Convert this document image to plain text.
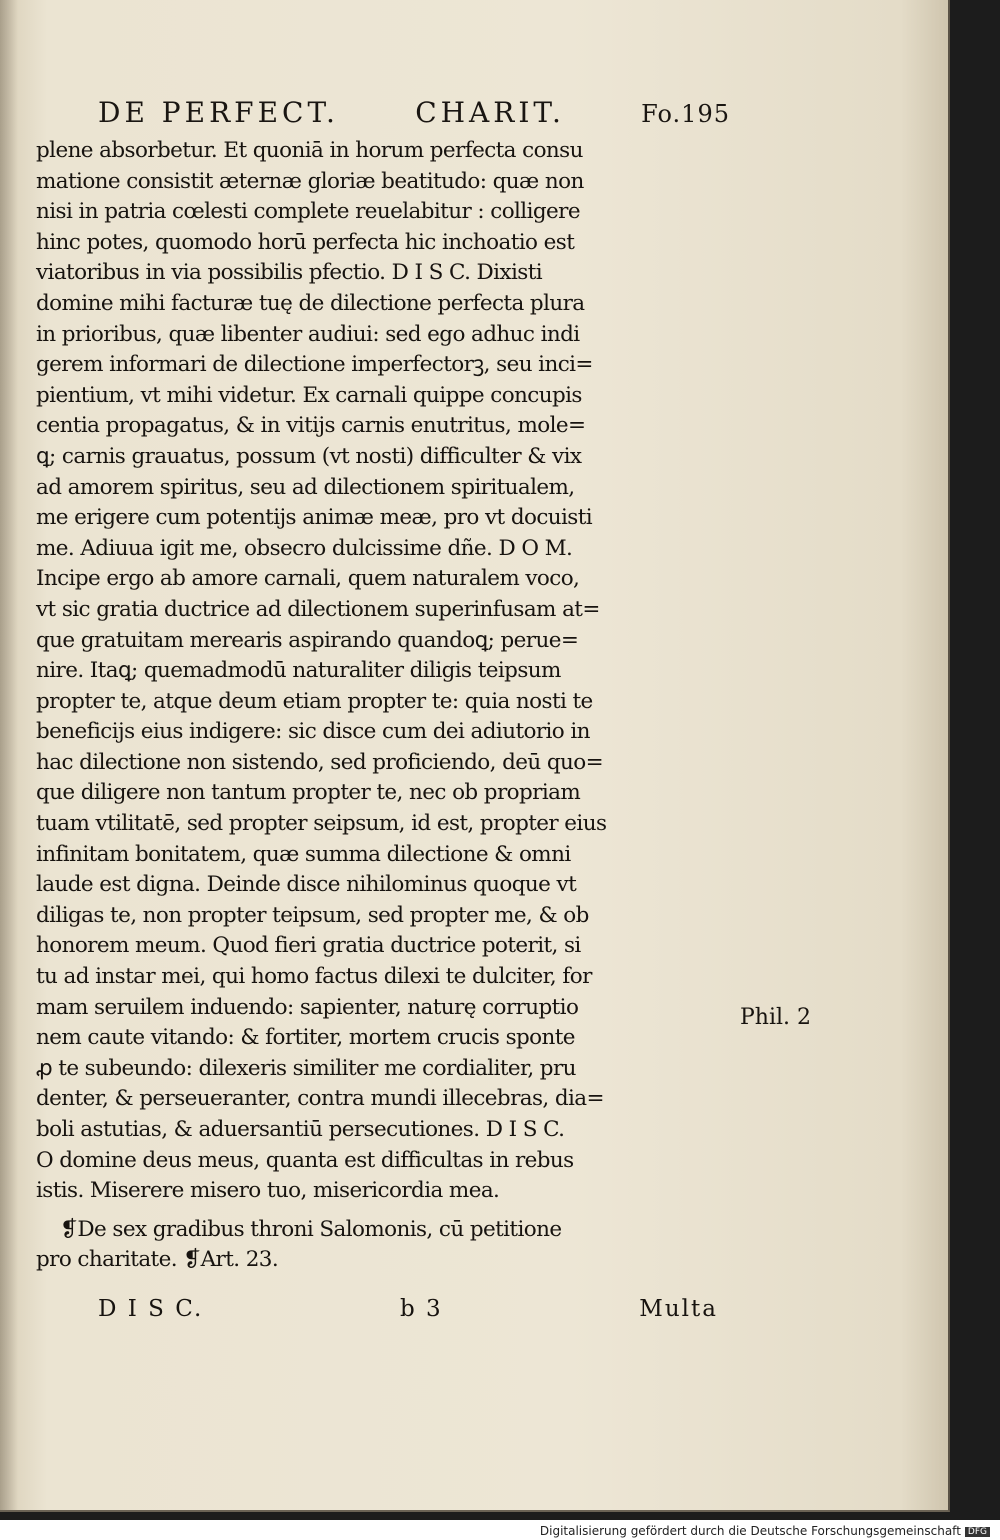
DE PERFECT.	CHARIT.	Fo.195
plene absorbetur. Et quoniā in horum perfecta consu
matione consistit æternæ gloriæ beatitudo: quæ non
nisi in patria cœlesti complete reuelabitur : colligere
hinc potes, quomodo horū perfecta hic inchoatio est
viatoribus in via possibilis pfectio. D I S C. Dixisti
domine mihi facturæ tuę de dilectione perfecta plura
in prioribus, quæ libenter audiui: sed ego adhuc indi
gerem informari de dilectione imperfectorꝫ, seu inci=
pientium, vt mihi videtur. Ex carnali quippe concupis
centia propagatus, & in vitijs carnis enutritus, mole=
ꝗ; carnis grauatus, possum (vt nosti) difficulter & vix
ad amorem spiritus, seu ad dilectionem spiritualem,
me erigere cum potentijs animæ meæ, pro vt docuisti
me. Adiuua igit me, obsecro dulcissime dñe. D O M.
Incipe ergo ab amore carnali, quem naturalem voco,
vt sic gratia ductrice ad dilectionem superinfusam at=
que gratuitam merearis aspirando quandoꝗ; perue=
nire. Itaꝗ; quemadmodū naturaliter diligis teipsum
propter te, atque deum etiam propter te: quia nosti te
beneficijs eius indigere: sic disce cum dei adiutorio in
hac dilectione non sistendo, sed proficiendo, deū quo=
que diligere non tantum propter te, nec ob propriam
tuam vtilitatē, sed propter seipsum, id est, propter eius
infinitam bonitatem, quæ summa dilectione & omni
laude est digna. Deinde disce nihilominus quoque vt
diligas te, non propter teipsum, sed propter me, & ob
honorem meum. Quod fieri gratia ductrice poterit, si
tu ad instar mei, qui homo factus dilexi te dulciter, for
mam seruilem induendo: sapienter, naturę corruptio
nem caute vitando: & fortiter, mortem crucis sponte
ꝓ te subeundo: dilexeris similiter me cordialiter, pru
denter, & perseueranter, contra mundi illecebras, dia=
boli astutias, & aduersantiū persecutiones. D I S C.
O domine deus meus, quanta est difficultas in rebus
istis. Miserere misero tuo, misericordia mea.
❡De sex gradibus throni Salomonis, cū petitione
pro charitate. ❡Art. 23.
Phil. 2
D I S C.	b 3	Multa
Digitalisierung gefördert durch die Deutsche Forschungsgemeinschaft DFG
